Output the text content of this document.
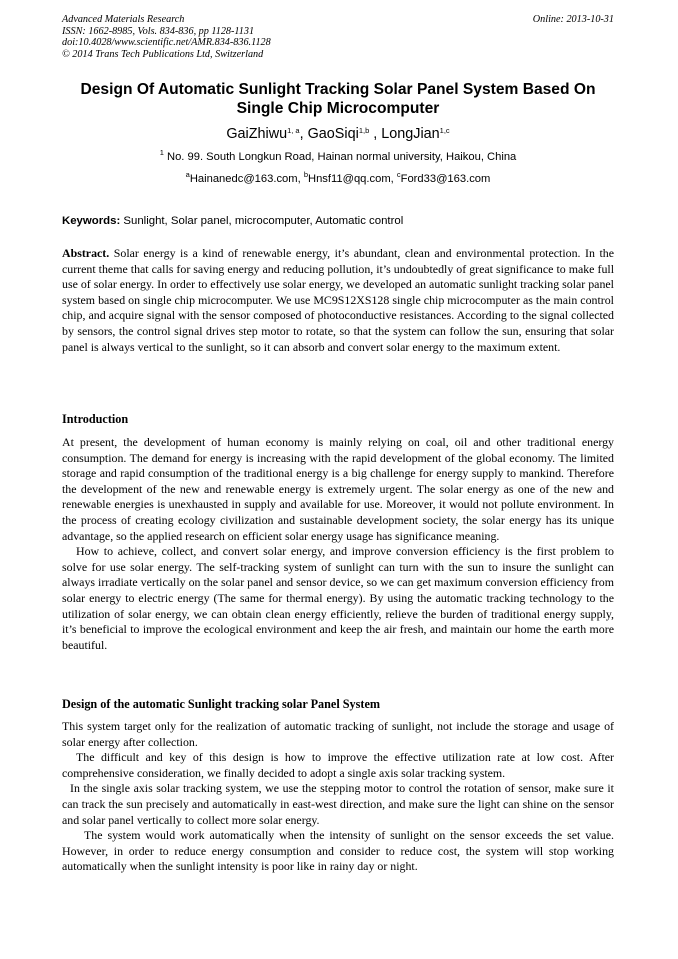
Advanced Materials Research
ISSN: 1662-8985, Vols. 834-836, pp 1128-1131
doi:10.4028/www.scientific.net/AMR.834-836.1128
© 2014 Trans Tech Publications Ltd, Switzerland
Online: 2013-10-31
Design Of Automatic Sunlight Tracking Solar Panel System Based On Single Chip Microcomputer
GaiZhiwu$^{1, a}$, GaoSiqi$^{1,b}$ , LongJian$^{1,c}$
$^1$ No. 99. South Longkun Road, Hainan normal university, Haikou, China
$^a$Hainanedc@163.com, $^b$Hnsf11@qq.com, $^c$Ford33@163.com
Keywords: Sunlight, Solar panel, microcomputer, Automatic control

Abstract. Solar energy is a kind of renewable energy, it’s abundant, clean and environmental protection. In the current theme that calls for saving energy and reducing pollution, it’s undoubtedly of great significance to make full use of solar energy. In order to effectively use solar energy, we developed an automatic sunlight tracking solar panel system based on single chip microcomputer. We use MC9S12XS128 single chip microcomputer as the main control chip, and acquire signal with the sensor composed of photoconductive resistances. According to the signal collected by sensors, the control signal drives step motor to rotate, so that the system can follow the sun, ensuring that solar panel is always vertical to the sunlight, so it can absorb and convert solar energy to the maximum extent.

Introduction

At present, the development of human economy is mainly relying on coal, oil and other traditional energy consumption. The demand for energy is increasing with the rapid development of the global economy. The limited storage and rapid consumption of the traditional energy is a big challenge for energy supply to mankind. Therefore the development of the new and renewable energy is extremely urgent. The solar energy as one of the new and renewable energies is unexhausted in supply and available for use. Moreover, it would not pollute environment. In the process of creating ecology civilization and sustainable development society, the solar energy has its unique advantage, so the applied research on efficient solar energy usage has significance meaning.

How to achieve, collect, and convert solar energy, and improve conversion efficiency is the first problem to solve for use solar energy. The self-tracking system of sunlight can turn with the sun to insure the sunlight can always irradiate vertically on the solar panel and sensor device, so we can get maximum conversion efficiency from solar energy to electric energy (The same for thermal energy). By using the automatic tracking technology to the utilization of solar energy, we can obtain clean energy efficiently, relieve the burden of traditional energy supply, it’s beneficial to improve the ecological environment and keep the air fresh, and maintain our home the earth more beautiful.

Design of the automatic Sunlight tracking solar Panel System

This system target only for the realization of automatic tracking of sunlight, not include the storage and usage of solar energy after collection.

The difficult and key of this design is how to improve the effective utilization rate at low cost. After comprehensive consideration, we finally decided to adopt a single axis solar tracking system.

In the single axis solar tracking system, we use the stepping motor to control the rotation of sensor, make sure it can track the sun precisely and automatically in east-west direction, and make sure the light can shine on the sensor and solar panel vertically to collect more solar energy.

The system would work automatically when the intensity of sunlight on the sensor exceeds the set value. However, in order to reduce energy consumption and consider to reduce cost, the system will stop working automatically when the sunlight intensity is poor like in rainy day or night.
